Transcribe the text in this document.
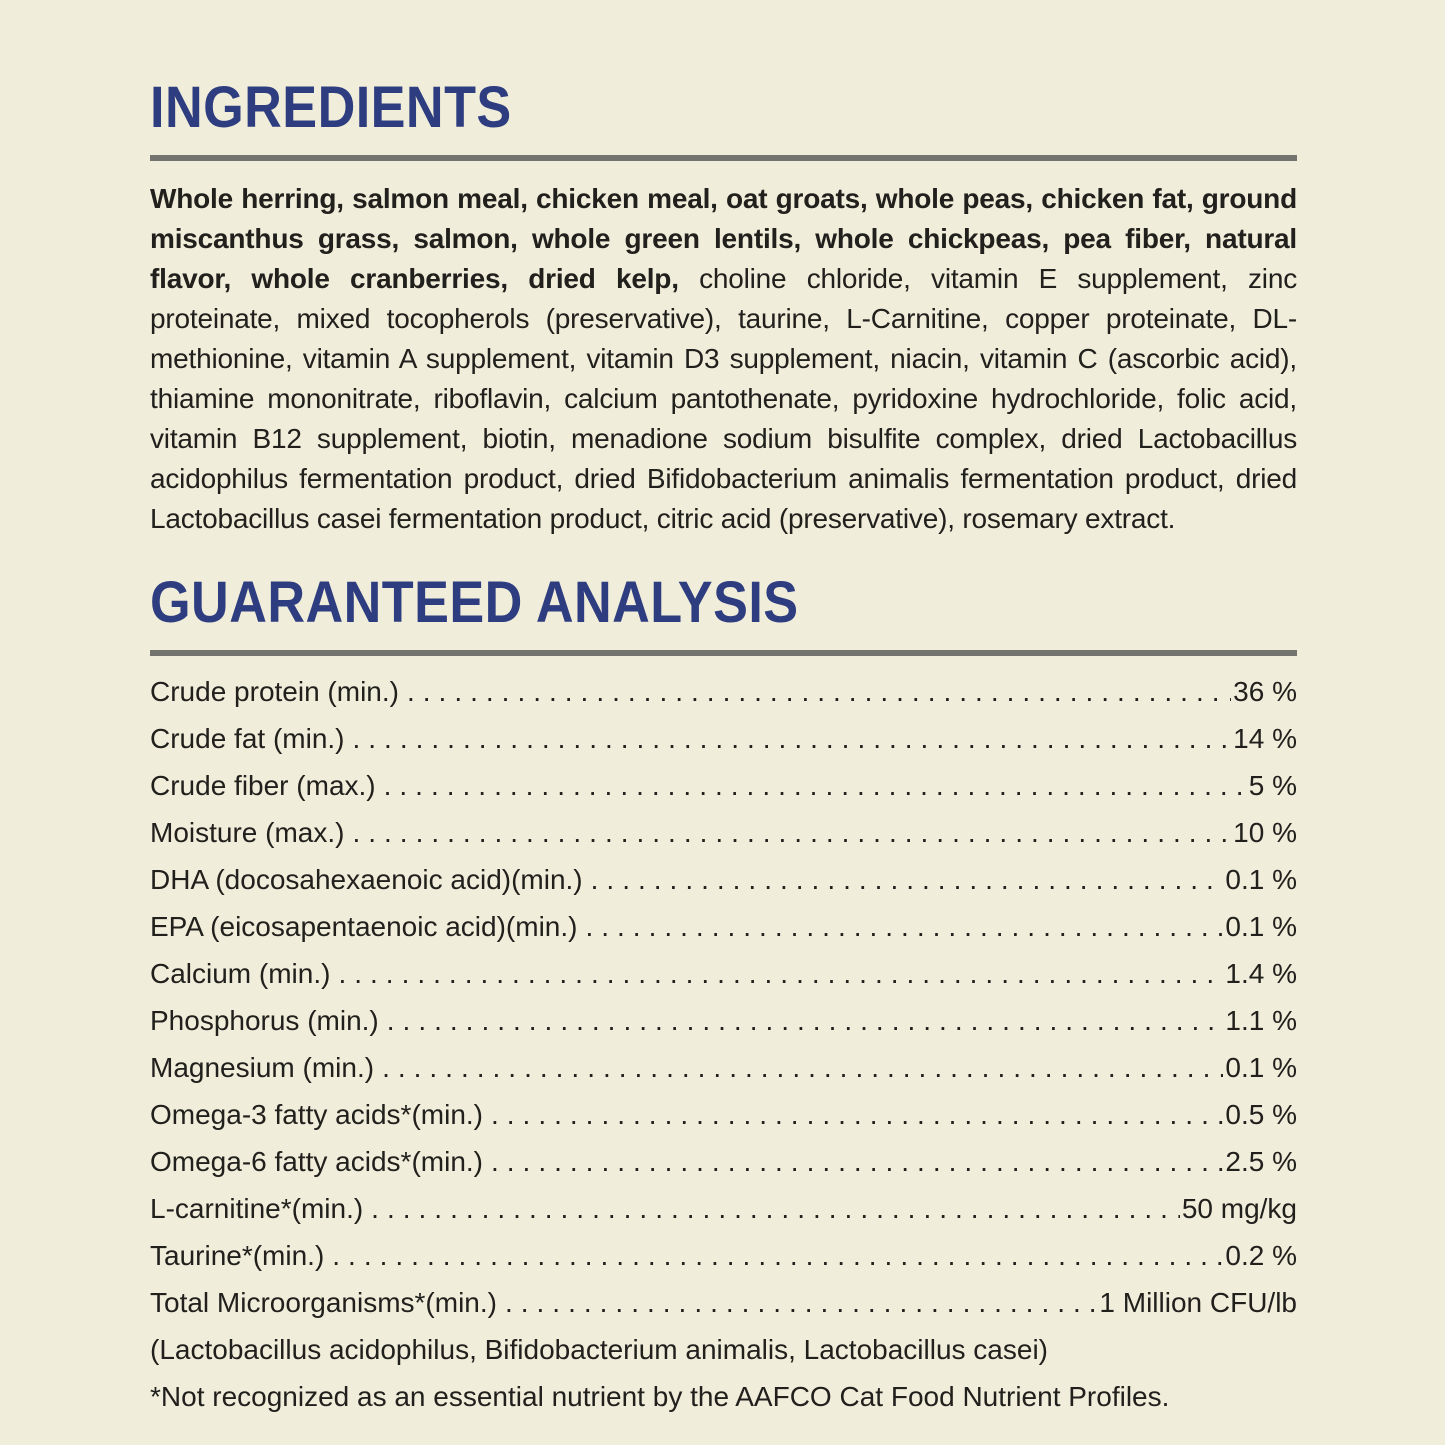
INGREDIENTS

Whole herring, salmon meal, chicken meal, oat groats, whole peas, chicken fat, ground miscanthus grass, salmon, whole green lentils, whole chickpeas, pea fiber, natural flavor, whole cranberries, dried kelp, choline chloride, vitamin E supplement, zinc proteinate, mixed tocopherols (preservative), taurine, L-Carnitine, copper proteinate, DL-methionine, vitamin A supplement, vitamin D3 supplement, niacin, vitamin C (ascorbic acid), thiamine mononitrate, riboflavin, calcium pantothenate, pyridoxine hydrochloride, folic acid, vitamin B12 supplement, biotin, menadione sodium bisulfite complex, dried Lactobacillus acidophilus fermentation product, dried Bifidobacterium animalis fermentation product, dried Lactobacillus casei fermentation product, citric acid (preservative), rosemary extract.

GUARANTEED ANALYSIS
Crude protein (min.) .....	36 %
Crude fat (min.) .....	14 %
Crude fiber (max.) .....	5 %
Moisture (max.) .....	10 %
DHA (docosahexaenoic acid)(min.) .....	0.1 %
EPA (eicosapentaenoic acid)(min.) .....	0.1 %
Calcium (min.) .....	1.4 %
Phosphorus (min.) .....	1.1 %
Magnesium (min.) .....	0.1 %
Omega-3 fatty acids*(min.) .....	0.5 %
Omega-6 fatty acids*(min.) .....	2.5 %
L-carnitine*(min.) .....	50 mg/kg
Taurine*(min.) .....	0.2 %
Total Microorganisms*(min.) .....	1 Million CFU/lb
(Lactobacillus acidophilus, Bifidobacterium animalis, Lactobacillus casei)
*Not recognized as an essential nutrient by the AAFCO Cat Food Nutrient Profiles.
